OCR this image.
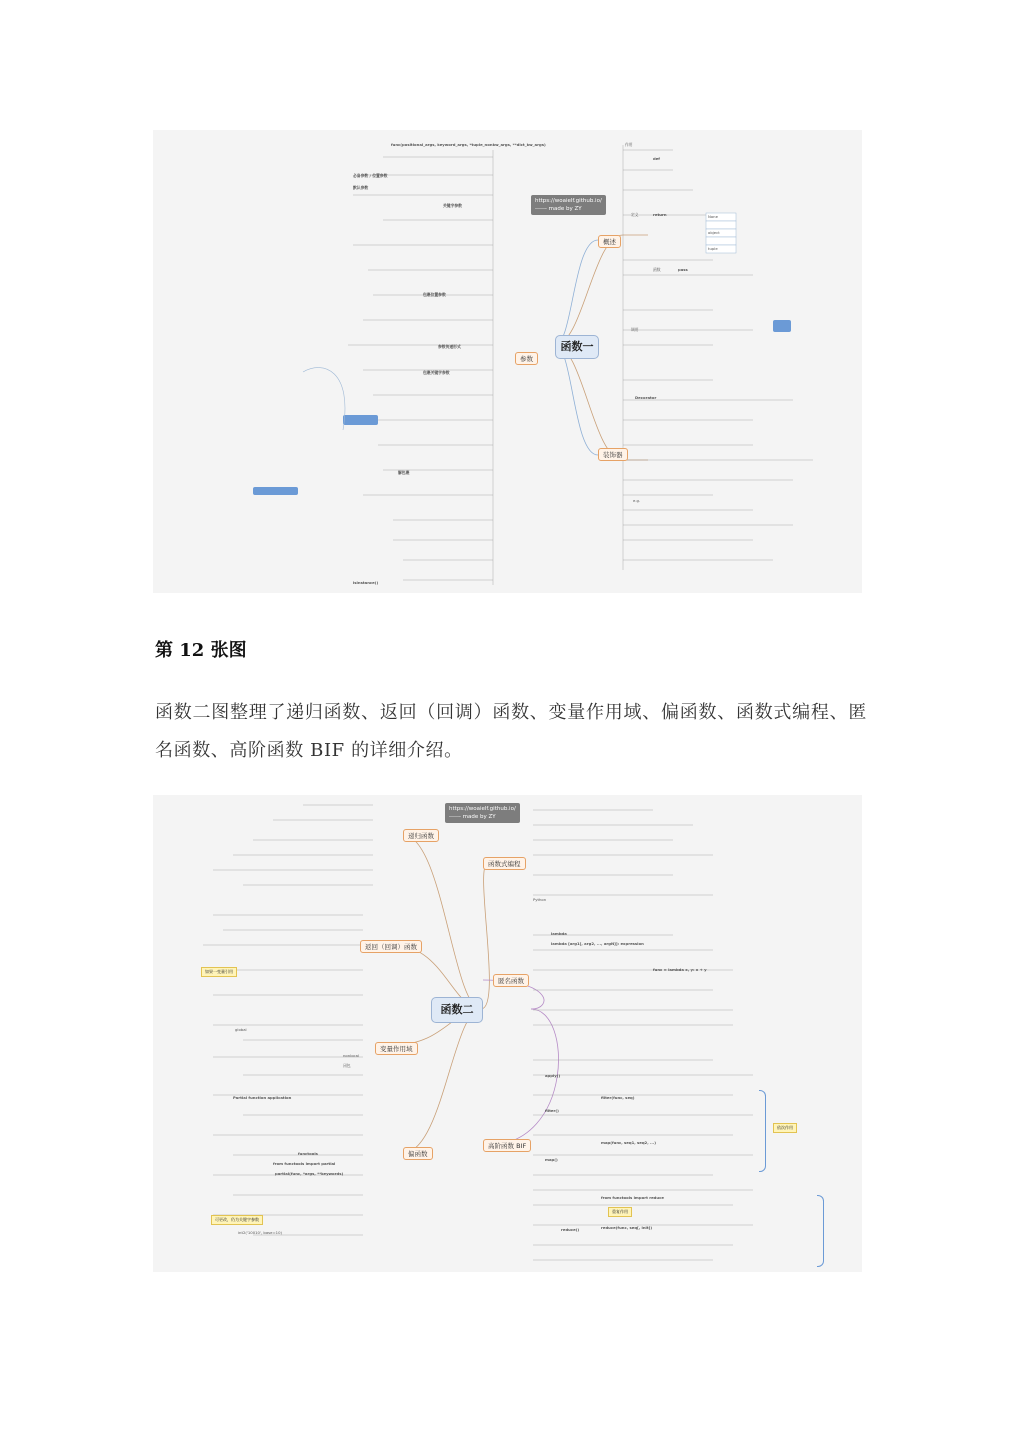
https://woaielf.github.io/
------ made by ZY
函数一
概述
装饰器
参数
作用
定义
调用
def
return
pass
函数
Decorator
e.g.
None
object
tuple
func(positional_args, keyword_args, *tuple_nonkw_args, **dict_kw_args)
必备参数 / 位置参数
默认参数
关键字参数
包裹位置参数
包裹关键字参数
解包裹
参数传递形式
isinstance()
第 12 张图
函数二图整理了递归函数、返回（回调）函数、变量作用域、偏函数、函数式编程、匿名函数、高阶函数 BIF 的详细介绍。
https://woaielf.github.io/
------ made by ZY
函数二
递归函数
返回（回调）函数
变量作用域
偏函数
函数式编程
匿名函数
高阶函数 BIF
lambda
lambda [arg1[, arg2, ..., argN]]: expression
func = lambda x, y: x + y
apply()
filter()
map()
reduce()
filter(func, seq)
map(func, seq1, seq2, ...)
from functools import reduce
reduce(func, seq[, init])
Partial function application
functools
from functools import partial
partial(func, *args, **keywords)
global
nonlocal
闭包
Python
int2('10010', base=10)
如果一变量引用
可更改，仍为关键字参数
重复作用
依次作用
